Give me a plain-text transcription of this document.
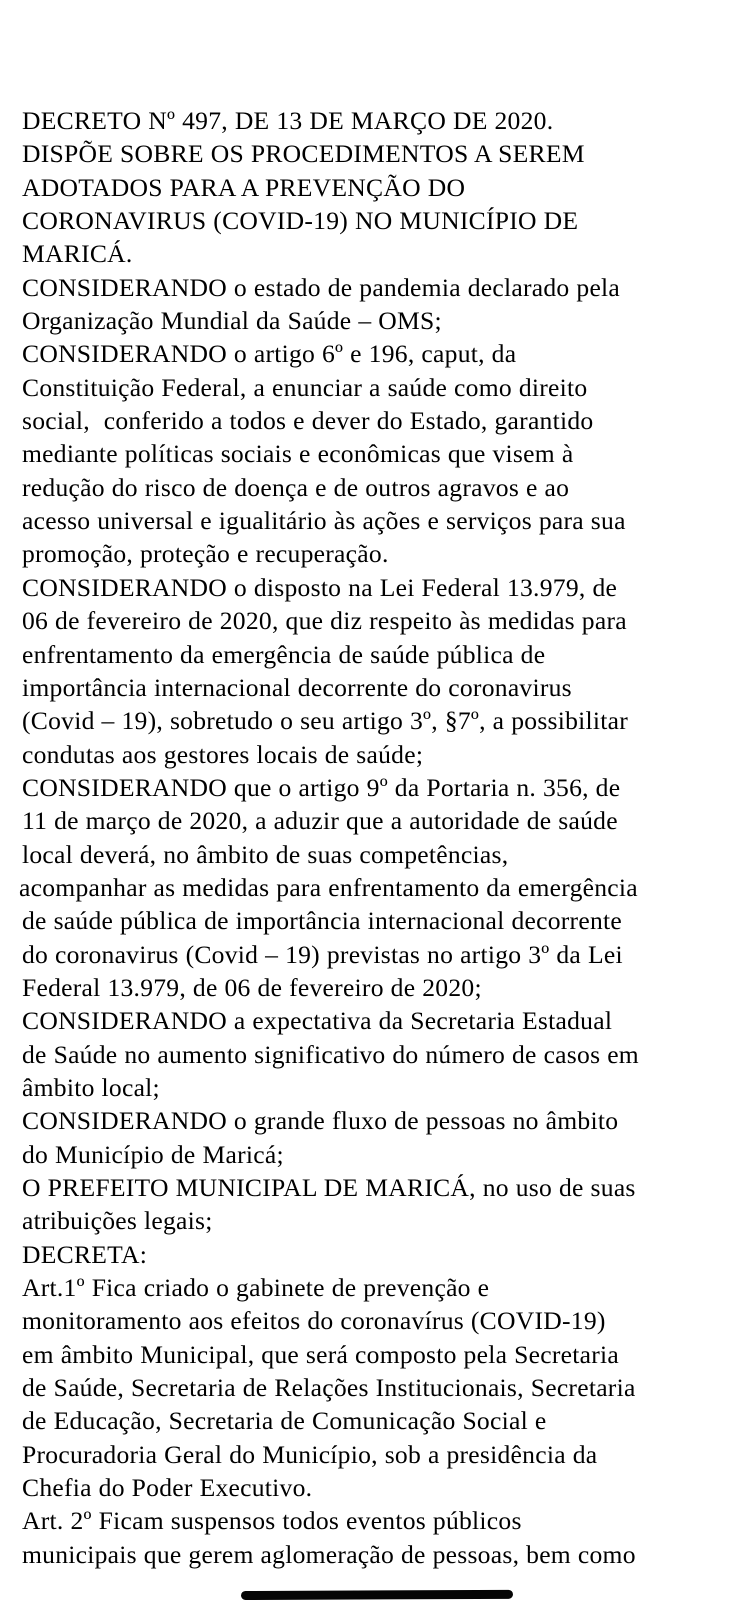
DECRETO Nº 497, DE 13 DE MARÇO DE 2020.
DISPÕE SOBRE OS PROCEDIMENTOS A SEREM
ADOTADOS PARA A PREVENÇÃO DO
CORONAVIRUS (COVID-19) NO MUNICÍPIO DE
MARICÁ.
CONSIDERANDO o estado de pandemia declarado pela
Organização Mundial da Saúde – OMS;
CONSIDERANDO o artigo 6º e 196, caput, da
Constituição Federal, a enunciar a saúde como direito
social,  conferido a todos e dever do Estado, garantido
mediante políticas sociais e econômicas que visem à
redução do risco de doença e de outros agravos e ao
acesso universal e igualitário às ações e serviços para sua
promoção, proteção e recuperação.
CONSIDERANDO o disposto na Lei Federal 13.979, de
06 de fevereiro de 2020, que diz respeito às medidas para
enfrentamento da emergência de saúde pública de
importância internacional decorrente do coronavirus
(Covid – 19), sobretudo o seu artigo 3º, §7º, a possibilitar
condutas aos gestores locais de saúde;
CONSIDERANDO que o artigo 9º da Portaria n. 356, de
11 de março de 2020, a aduzir que a autoridade de saúde
local deverá, no âmbito de suas competências,
acompanhar as medidas para enfrentamento da emergência
de saúde pública de importância internacional decorrente
do coronavirus (Covid – 19) previstas no artigo 3º da Lei
Federal 13.979, de 06 de fevereiro de 2020;
CONSIDERANDO a expectativa da Secretaria Estadual
de Saúde no aumento significativo do número de casos em
âmbito local;
CONSIDERANDO o grande fluxo de pessoas no âmbito
do Município de Maricá;
O PREFEITO MUNICIPAL DE MARICÁ, no uso de suas
atribuições legais;
DECRETA:
Art.1º Fica criado o gabinete de prevenção e
monitoramento aos efeitos do coronavírus (COVID-19)
em âmbito Municipal, que será composto pela Secretaria
de Saúde, Secretaria de Relações Institucionais, Secretaria
de Educação, Secretaria de Comunicação Social e
Procuradoria Geral do Município, sob a presidência da
Chefia do Poder Executivo.
Art. 2º Ficam suspensos todos eventos públicos
municipais que gerem aglomeração de pessoas, bem como
